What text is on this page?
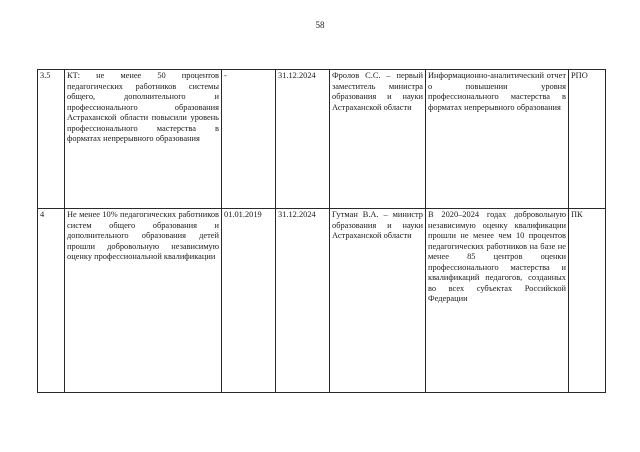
58
3.5	КТ: не менее 50 процентов педагогических работников системы общего, дополнительного и профессионального образования Астраханской области повысили уровень профессионального мастерства в форматах непрерывного образования	-	31.12.2024	Фролов С.С. – первый заместитель министра образования и науки Астраханской области	Информационно-аналитический отчет о повышении уровня профессионального мастерства в форматах непрерывного образования	РПО
4	Не менее 10% педагогических работников систем общего образования и дополнительного образования детей прошли добровольную независимую оценку профессиональной квалификации	01.01.2019	31.12.2024	Гутман В.А. – министр образования и науки Астраханской области	В 2020–2024 годах добровольную независимую оценку квалификации прошли не менее чем 10 процентов педагогических работников на базе не менее 85 центров оценки профессионального мастерства и квалификаций педагогов, созданных во всех субъектах Российской Федерации	ПК
